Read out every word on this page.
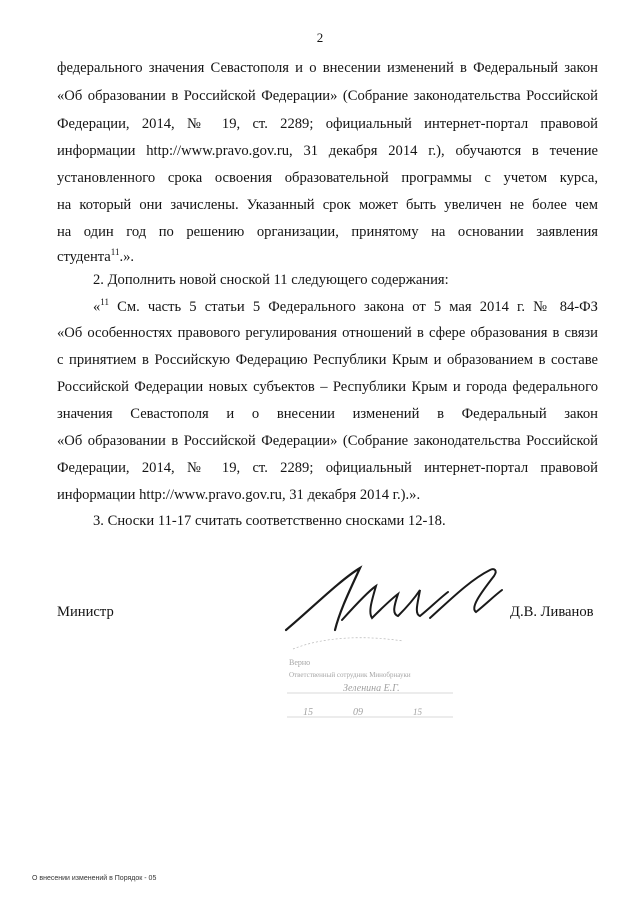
2
федерального значения Севастополя и о внесении изменений в Федеральный закон
«Об образовании в Российской Федерации» (Собрание законодательства Российской
Федерации, 2014, № 19, ст. 2289; официальный интернет-портал правовой
информации http://www.pravo.gov.ru, 31 декабря 2014 г.), обучаются в течение
установленного срока освоения образовательной программы с учетом курса,
на который они зачислены. Указанный срок может быть увеличен не более чем
на один год по решению организации, принятому на основании заявления
студента$^{11}$.».
2. Дополнить новой сноской 11 следующего содержания:
«$^{11}$ См. часть 5 статьи 5 Федерального закона от 5 мая 2014 г. № 84-ФЗ
«Об особенностях правового регулирования отношений в сфере образования в связи
с принятием в Российскую Федерацию Республики Крым и образованием в составе
Российской Федерации новых субъектов – Республики Крым и города федерального
значения Севастополя и о внесении изменений в Федеральный закон
«Об образовании в Российской Федерации» (Собрание законодательства Российской
Федерации, 2014, № 19, ст. 2289; официальный интернет-портал правовой
информации http://www.pravo.gov.ru, 31 декабря 2014 г.).».
3. Сноски 11-17 считать соответственно сносками 12-18.
Министр	Д.В. Ливанов
Верно
Ответственный сотрудник Минобрнауки
Зеленина Е.Г.
15	09	15
О внесении изменений в Порядок - 05
